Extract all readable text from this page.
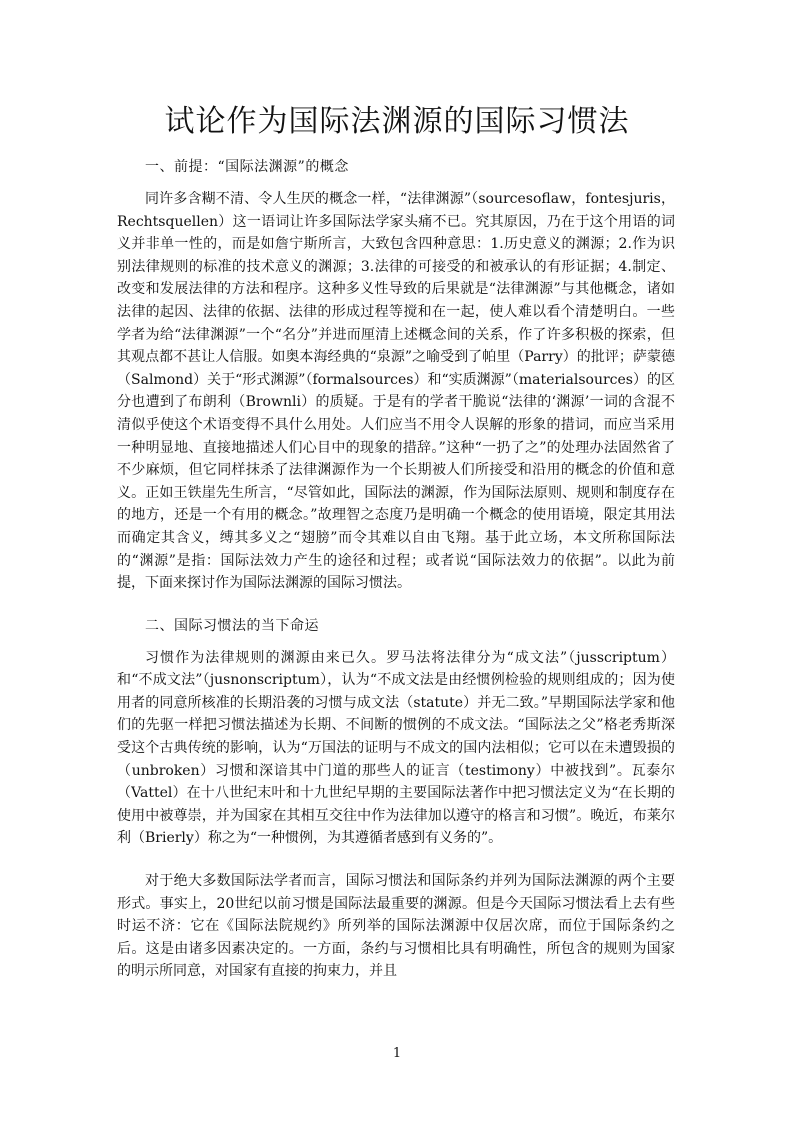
试论作为国际法渊源的国际习惯法

一、前提：“国际法渊源”的概念

同许多含糊不清、令人生厌的概念一样，“法律渊源”（sourcesoflaw，fontesjuris，Rechtsquellen）这一语词让许多国际法学家头痛不已。究其原因，乃在于这个用语的词义并非单一性的，而是如詹宁斯所言，大致包含四种意思：1.历史意义的渊源；2.作为识别法律规则的标准的技术意义的渊源；3.法律的可接受的和被承认的有形证据；4.制定、改变和发展法律的方法和程序。这种多义性导致的后果就是“法律渊源”与其他概念，诸如法律的起因、法律的依据、法律的形成过程等搅和在一起，使人难以看个清楚明白。一些学者为给“法律渊源”一个“名分”并进而厘清上述概念间的关系，作了许多积极的探索，但其观点都不甚让人信服。如奥本海经典的“泉源”之喻受到了帕里（Parry）的批评；萨蒙德（Salmond）关于“形式渊源”（formalsources）和“实质渊源”（materialsources）的区分也遭到了布朗利（Brownli）的质疑。于是有的学者干脆说“法律的‘渊源’一词的含混不清似乎使这个术语变得不具什么用处。人们应当不用令人误解的形象的措词，而应当采用一种明显地、直接地描述人们心目中的现象的措辞。”这种“一扔了之”的处理办法固然省了不少麻烦，但它同样抹杀了法律渊源作为一个长期被人们所接受和沿用的概念的价值和意义。正如王铁崖先生所言，“尽管如此，国际法的渊源，作为国际法原则、规则和制度存在的地方，还是一个有用的概念。”故理智之态度乃是明确一个概念的使用语境，限定其用法而确定其含义，缚其多义之“翅膀”而令其难以自由飞翔。基于此立场，本文所称国际法的“渊源”是指：国际法效力产生的途径和过程；或者说“国际法效力的依据”。以此为前提，下面来探讨作为国际法渊源的国际习惯法。

二、国际习惯法的当下命运

习惯作为法律规则的渊源由来已久。罗马法将法律分为“成文法”（jusscriptum）和“不成文法”（jusnonscriptum），认为“不成文法是由经惯例检验的规则组成的；因为使用者的同意所核准的长期沿袭的习惯与成文法（statute）并无二致。”早期国际法学家和他们的先驱一样把习惯法描述为长期、不间断的惯例的不成文法。“国际法之父”格老秀斯深受这个古典传统的影响，认为“万国法的证明与不成文的国内法相似；它可以在未遭毁损的（unbroken）习惯和深谙其中门道的那些人的证言（testimony）中被找到”。瓦泰尔（Vattel）在十八世纪末叶和十九世纪早期的主要国际法著作中把习惯法定义为“在长期的使用中被尊崇，并为国家在其相互交往中作为法律加以遵守的格言和习惯”。晚近，布莱尔利（Brierly）称之为“一种惯例，为其遵循者感到有义务的”。

对于绝大多数国际法学者而言，国际习惯法和国际条约并列为国际法渊源的两个主要形式。事实上，20世纪以前习惯是国际法最重要的渊源。但是今天国际习惯法看上去有些时运不济：它在《国际法院规约》所列举的国际法渊源中仅居次席，而位于国际条约之后。这是由诸多因素决定的。一方面，条约与习惯相比具有明确性，所包含的规则为国家的明示所同意，对国家有直接的拘束力，并且

1
